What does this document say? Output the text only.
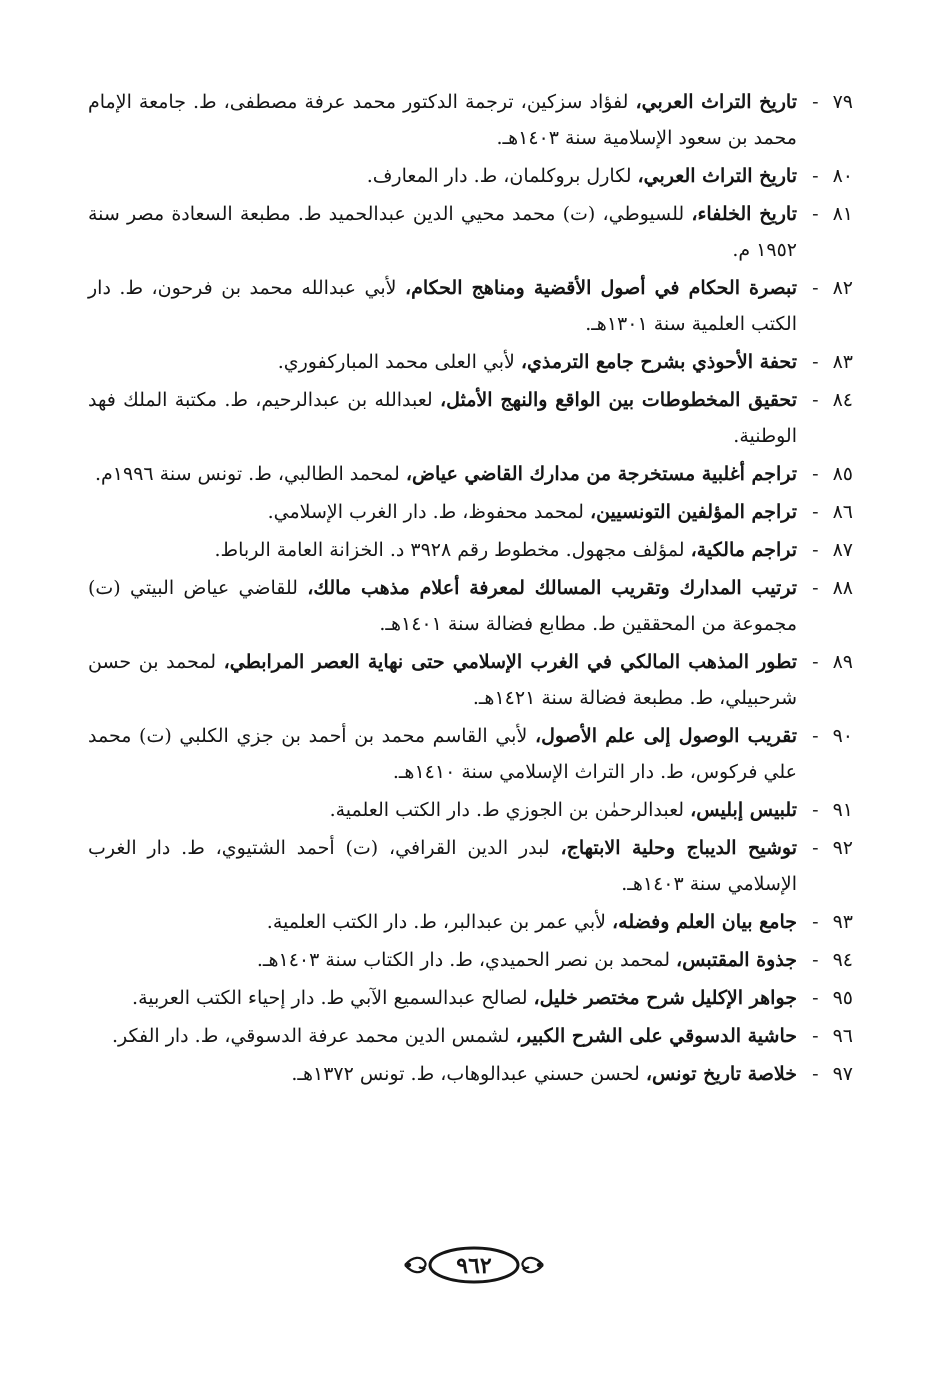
٧٩ -
تاريخ التراث العربي، لفؤاد سزكين، ترجمة الدكتور محمد عرفة مصطفى، ط. جامعة الإمام محمد بن سعود الإسلامية سنة ١٤٠٣هـ.
٨٠ -
تاريخ التراث العربي، لكارل بروكلمان، ط. دار المعارف.
٨١ -
تاريخ الخلفاء، للسيوطي، (ت) محمد محيي الدين عبدالحميد ط. مطبعة السعادة مصر سنة ١٩٥٢ م.
٨٢ -
تبصرة الحكام في أصول الأقضية ومناهج الحكام، لأبي عبدالله محمد بن فرحون، ط. دار الكتب العلمية سنة ١٣٠١هـ.
٨٣ -
تحفة الأحوذي بشرح جامع الترمذي، لأبي العلى محمد المباركفوري.
٨٤ -
تحقيق المخطوطات بين الواقع والنهج الأمثل، لعبدالله بن عبدالرحيم، ط. مكتبة الملك فهد الوطنية.
٨٥ -
تراجم أغلبية مستخرجة من مدارك القاضي عياض، لمحمد الطالبي، ط. تونس سنة ١٩٩٦م.
٨٦ -
تراجم المؤلفين التونسيين، لمحمد محفوظ، ط. دار الغرب الإسلامي.
٨٧ -
تراجم مالكية، لمؤلف مجهول. مخطوط رقم ٣٩٢٨ د. الخزانة العامة الرباط.
٨٨ -
ترتيب المدارك وتقريب المسالك لمعرفة أعلام مذهب مالك، للقاضي عياض البيتي (ت) مجموعة من المحققين ط. مطابع فضالة سنة ١٤٠١هـ.
٨٩ -
تطور المذهب المالكي في الغرب الإسلامي حتى نهاية العصر المرابطي، لمحمد بن حسن شرحبيلي، ط. مطبعة فضالة سنة ١٤٢١هـ.
٩٠ -
تقريب الوصول إلى علم الأصول، لأبي القاسم محمد بن أحمد بن جزي الكلبي (ت) محمد علي فركوس، ط. دار التراث الإسلامي سنة ١٤١٠هـ.
٩١ -
تلبيس إبليس، لعبدالرحمٰن بن الجوزي ط. دار الكتب العلمية.
٩٢ -
توشيح الديباج وحلية الابتهاج، لبدر الدين القرافي، (ت) أحمد الشتيوي، ط. دار الغرب الإسلامي سنة ١٤٠٣هـ.
٩٣ -
جامع بيان العلم وفضله، لأبي عمر بن عبدالبر، ط. دار الكتب العلمية.
٩٤ -
جذوة المقتبس، لمحمد بن نصر الحميدي، ط. دار الكتاب سنة ١٤٠٣هـ.
٩٥ -
جواهر الإكليل شرح مختصر خليل، لصالح عبدالسميع الآبي ط. دار إحياء الكتب العربية.
٩٦ -
حاشية الدسوقي على الشرح الكبير، لشمس الدين محمد عرفة الدسوقي، ط. دار الفكر.
٩٧ -
خلاصة تاريخ تونس، لحسن حسني عبدالوهاب، ط. تونس ١٣٧٢هـ.
٩٦٢
